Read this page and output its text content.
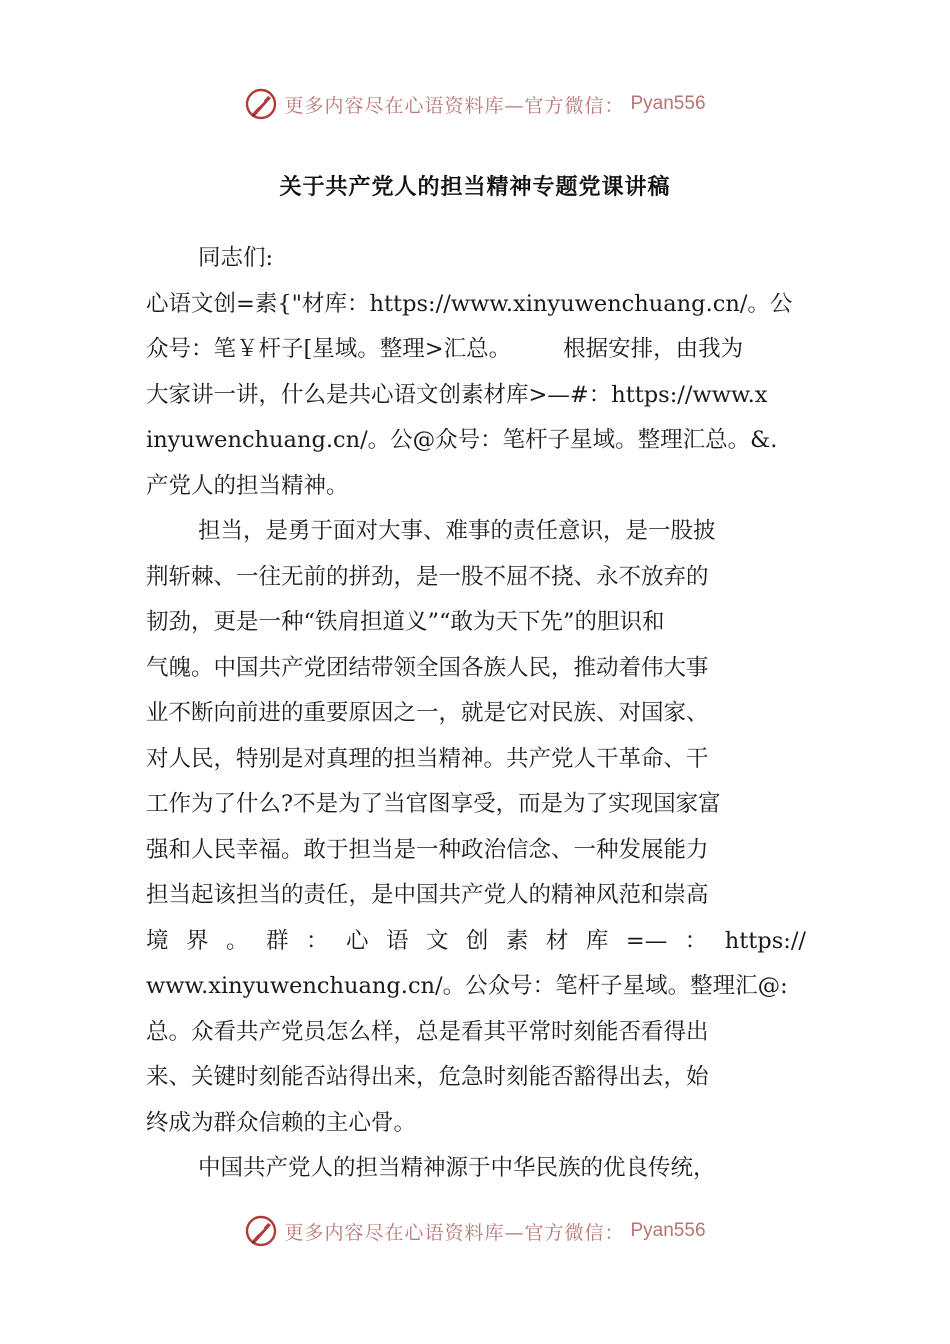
更多内容尽在心语资料库—官方微信： Pyan556
关于共产党人的担当精神专题党课讲稿
同志们:
心语文创=素{"材库：https://www.xinyuwenchuang.cn/。公
众号：笔￥杆子[星域。整理>汇总。 根据安排，由我为
大家讲一讲，什么是共心语文创素材库>—#：https://www.x
inyuwenchuang.cn/。公@众号：笔杆子星域。整理汇总。&.
产党人的担当精神。
担当，是勇于面对大事、难事的责任意识，是一股披
荆斩棘、一往无前的拼劲，是一股不屈不挠、永不放弃的
韧劲，更是一种“铁肩担道义”“敢为天下先”的胆识和
气魄。中国共产党团结带领全国各族人民，推动着伟大事
业不断向前进的重要原因之一，就是它对民族、对国家、
对人民，特别是对真理的担当精神。共产党人干革命、干
工作为了什么?不是为了当官图享受，而是为了实现国家富
强和人民幸福。敢于担当是一种政治信念、一种发展能力
担当起该担当的责任，是中国共产党人的精神风范和崇高
境界。群：心语文创素材库=—：https://
www.xinyuwenchuang.cn/。公众号：笔杆子星域。整理汇@:
总。众看共产党员怎么样，总是看其平常时刻能否看得出
来、关键时刻能否站得出来，危急时刻能否豁得出去，始
终成为群众信赖的主心骨。
中国共产党人的担当精神源于中华民族的优良传统，
更多内容尽在心语资料库—官方微信： Pyan556
